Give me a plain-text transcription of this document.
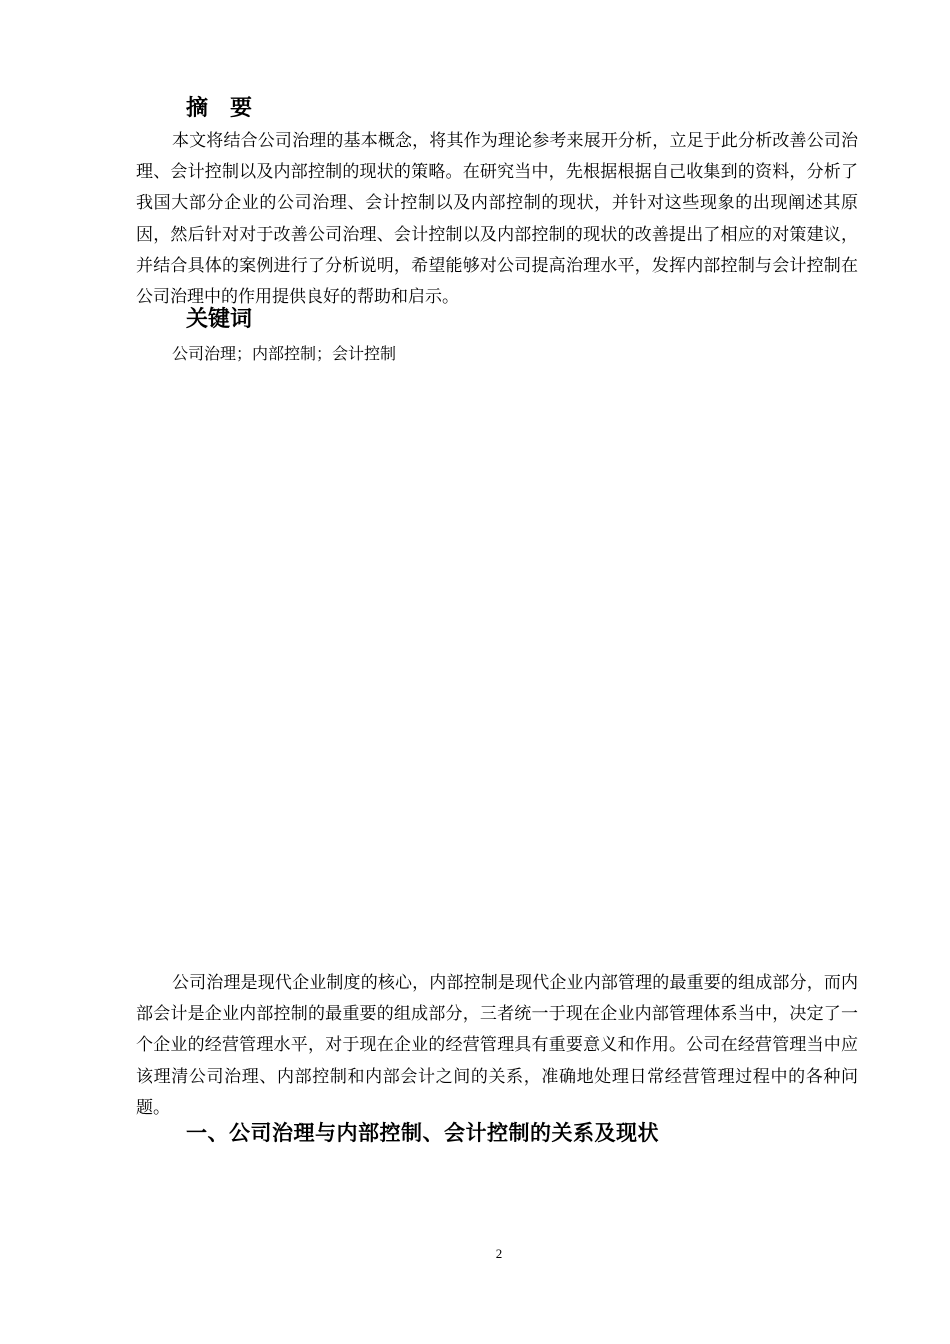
摘　要

本文将结合公司治理的基本概念，将其作为理论参考来展开分析，立足于此分析改善公司治理、会计控制以及内部控制的现状的策略。在研究当中，先根据根据自己收集到的资料，分析了我国大部分企业的公司治理、会计控制以及内部控制的现状，并针对这些现象的出现阐述其原因，然后针对对于改善公司治理、会计控制以及内部控制的现状的改善提出了相应的对策建议，并结合具体的案例进行了分析说明，希望能够对公司提高治理水平，发挥内部控制与会计控制在公司治理中的作用提供良好的帮助和启示。

关键词

公司治理；内部控制；会计控制

公司治理是现代企业制度的核心，内部控制是现代企业内部管理的最重要的组成部分，而内部会计是企业内部控制的最重要的组成部分，三者统一于现在企业内部管理体系当中，决定了一个企业的经营管理水平，对于现在企业的经营管理具有重要意义和作用。公司在经营管理当中应该理清公司治理、内部控制和内部会计之间的关系，准确地处理日常经营管理过程中的各种问题。

一、公司治理与内部控制、会计控制的关系及现状
2
